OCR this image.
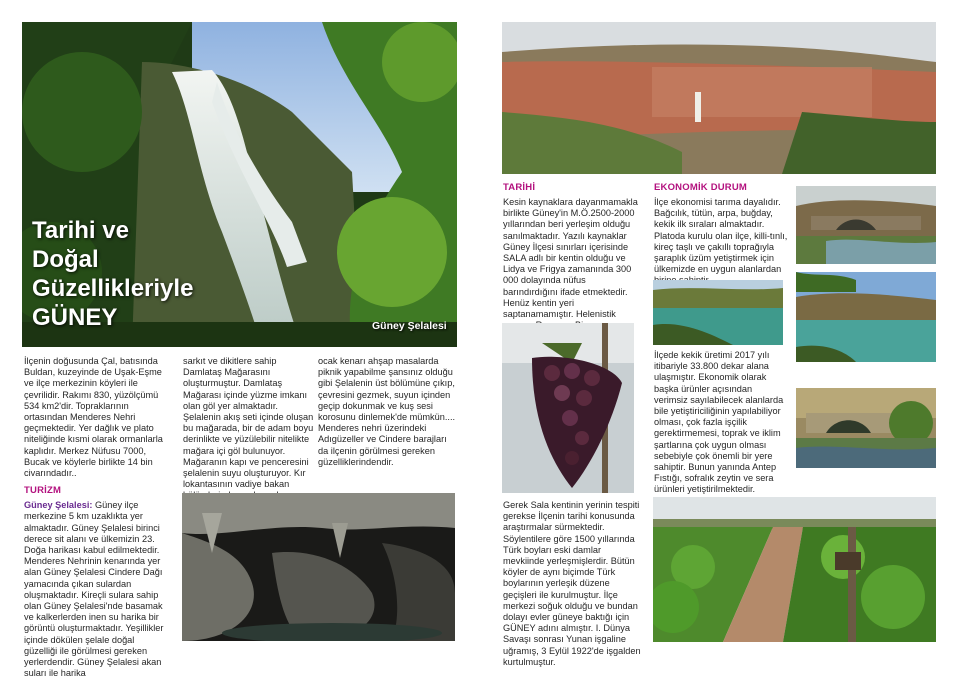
Tarihi ve
Doğal
Güzellikleriyle
GÜNEY	Güney Şelalesi
İlçenin doğusunda Çal, batısında Buldan, kuzeyinde de Uşak-Eşme ve ilçe merkezinin köyleri ile çevrilidir. Rakımı 830, yüzölçümü 534 km2'dir. Topraklarının ortasından Menderes Nehri geçmektedir. Yer dağlık ve plato niteliğinde kısmi olarak ormanlarla kaplıdır. Merkez Nüfusu 7000, Bucak ve köylerle birlikte 14 bin civarındadır..
TURİZM
Güney Şelalesi: Güney ilçe merkezine 5 km uzaklıkta yer almaktadır. Güney Şelalesi birinci derece sit alanı ve ülkemizin 23. Doğa harikası kabul edilmektedir. Menderes Nehrinin kenarında yer alan Güney Şelalesi Cindere Dağı yamacında çıkan sulardan oluşmaktadır. Kireçli sulara sahip olan Güney Şelalesi'nde basamak ve kalkerlerden inen su harika bir görüntü oluşturmaktadır. Yeşillikler içinde dökülen şelale doğal güzelliği ile görülmesi gereken yerlerdendir. Güney Şelalesi akan suları ile harika
sarkıt ve dikitlere sahip Damlataş Mağarasını oluşturmuştur. Damlataş Mağarası içinde yüzme imkanı olan göl yer almaktadır. Şelalenin akış seti içinde oluşan bu mağarada, bir de adam boyu derinlikte ve yüzülebilir nitelikte mağara içi göl bulunuyor. Mağaranın kapı ve penceresini şelalenin suyu oluşturuyor. Kır lokantasının vadiye bakan
ocak kenarı ahşap masalarda piknik yapabilme şansınız olduğu gibi Şelalenin üst bölümüne çıkıp, çevresini gezmek, suyun içinden geçip dokunmak ve kuş sesi korosunu dinlemek'de mümkün.... Menderes nehri üzerindeki Adıgüzeller ve Cindere barajları da ilçenin görülmesi gereken güzelliklerindendir.
TARİHİ
Kesin kaynaklara dayanmamakla birlikte Güney'in M.Ö.2500-2000 yıllarından beri yerleşim olduğu sanılmaktadır. Yazılı kaynaklar Güney İlçesi sınırları içerisinde SALA adlı bir kentin olduğu ve Lidya ve Frigya zamanında 300 000 dolayında nüfus barındırdığını ifade etmektedir. Henüz kentin yeri saptanamamıştır. Helenistik
Gerek Sala kentinin yerinin tespiti gerekse İlçenin tarihi konusunda araştırmalar sürmektedir. Söylentilere göre 1500 yıllarında Türk boyları eski damlar mevkiinde yerleşmişlerdir. Bütün köyler de aynı biçimde Türk boylarının yerleşik düzene geçişleri ile kurulmuştur. İlçe merkezi soğuk olduğu ve bundan dolayı evler güneye baktığı için GÜNEY adını almıştır. I. Dünya Savaşı sonrası Yunan işgaline uğramış, 3 Eylül 1922'de işgalden kurtulmuştur.
EKONOMİK DURUM
İlçe ekonomisi tarıma dayalıdır. Bağcılık, tütün, arpa, buğday, kekik ilk sıraları almaktadır. Platoda kurulu olan ilçe, killi-tınlı, kireç taşlı ve çakıllı toprağıyla şaraplık üzüm yetiştirmek için ülkemizde en uygun alanlardan
İlçede kekik üretimi 2017 yılı itibariyle 33.800 dekar alana ulaşmıştır. Ekonomik olarak başka ürünler açısından verimsiz sayılabilecek alanlarda bile yetiştiriciliğinin yapılabiliyor olması, çok fazla işçilik gerektirmemesi, toprak ve iklim şartlarına çok uygun olması sebebiyle çok önemli bir yere sahiptir. Bunun yanında Antep Fıstığı, sofralık zeytin ve sera ürünleri yetiştirilmektedir.
